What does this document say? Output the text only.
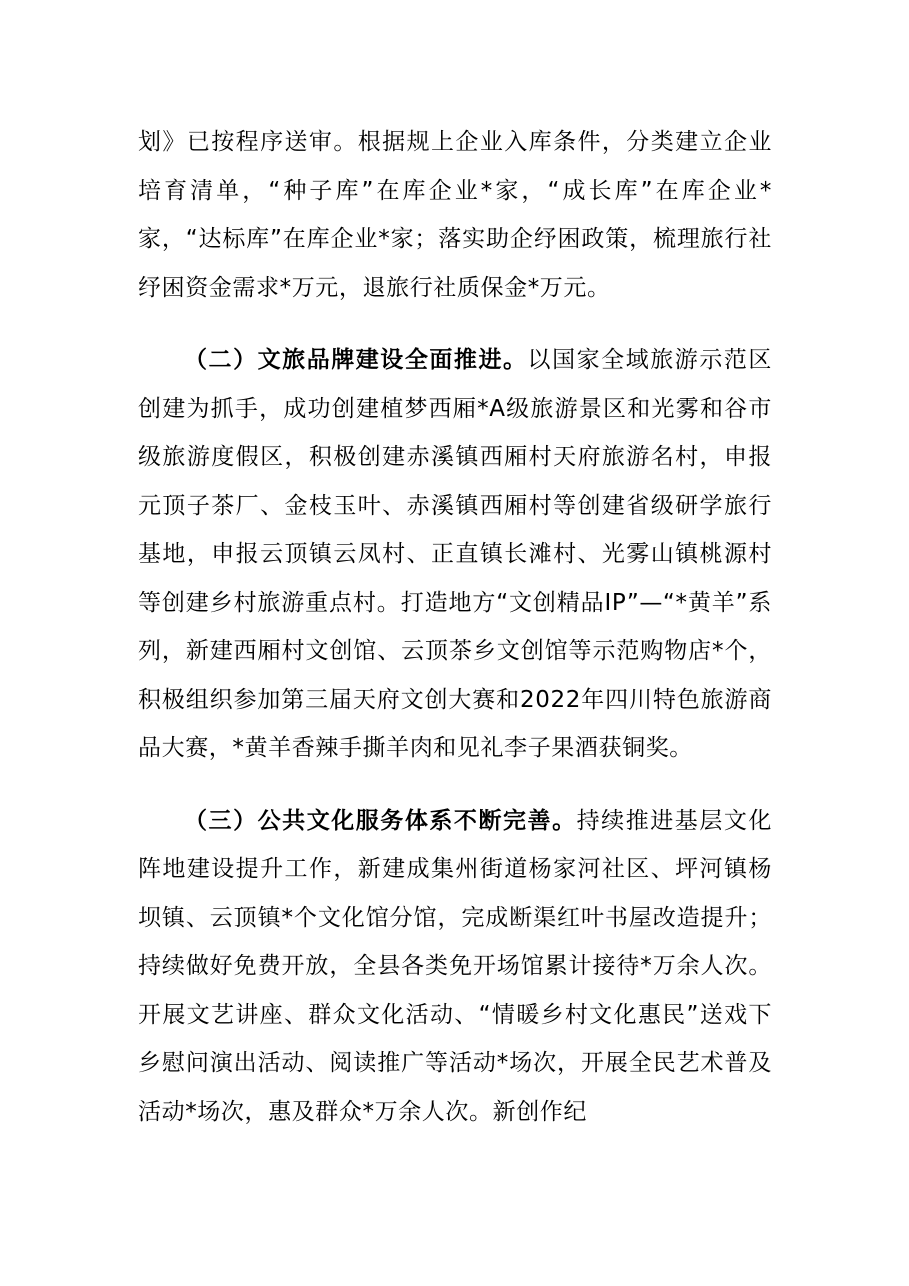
划》已按程序送审。根据规上企业入库条件，分类建立企业培育清单，“种子库”在库企业*家，“成长库”在库企业*家，“达标库”在库企业*家；落实助企纾困政策，梳理旅行社纾困资金需求*万元，退旅行社质保金*万元。

（二）文旅品牌建设全面推进。以国家全域旅游示范区创建为抓手，成功创建植梦西厢*A级旅游景区和光雾和谷市级旅游度假区，积极创建赤溪镇西厢村天府旅游名村，申报元顶子茶厂、金枝玉叶、赤溪镇西厢村等创建省级研学旅行基地，申报云顶镇云凤村、正直镇长滩村、光雾山镇桃源村等创建乡村旅游重点村。打造地方“文创精品IP”—“*黄羊”系列，新建西厢村文创馆、云顶茶乡文创馆等示范购物店*个，积极组织参加第三届天府文创大赛和2022年四川特色旅游商品大赛，*黄羊香辣手撕羊肉和见礼李子果酒获铜奖。

（三）公共文化服务体系不断完善。持续推进基层文化阵地建设提升工作，新建成集州街道杨家河社区、坪河镇杨坝镇、云顶镇*个文化馆分馆，完成断渠红叶书屋改造提升；持续做好免费开放，全县各类免开场馆累计接待*万余人次。开展文艺讲座、群众文化活动、“情暖乡村文化惠民”送戏下乡慰问演出活动、阅读推广等活动*场次，开展全民艺术普及活动*场次，惠及群众*万余人次。新创作纪
